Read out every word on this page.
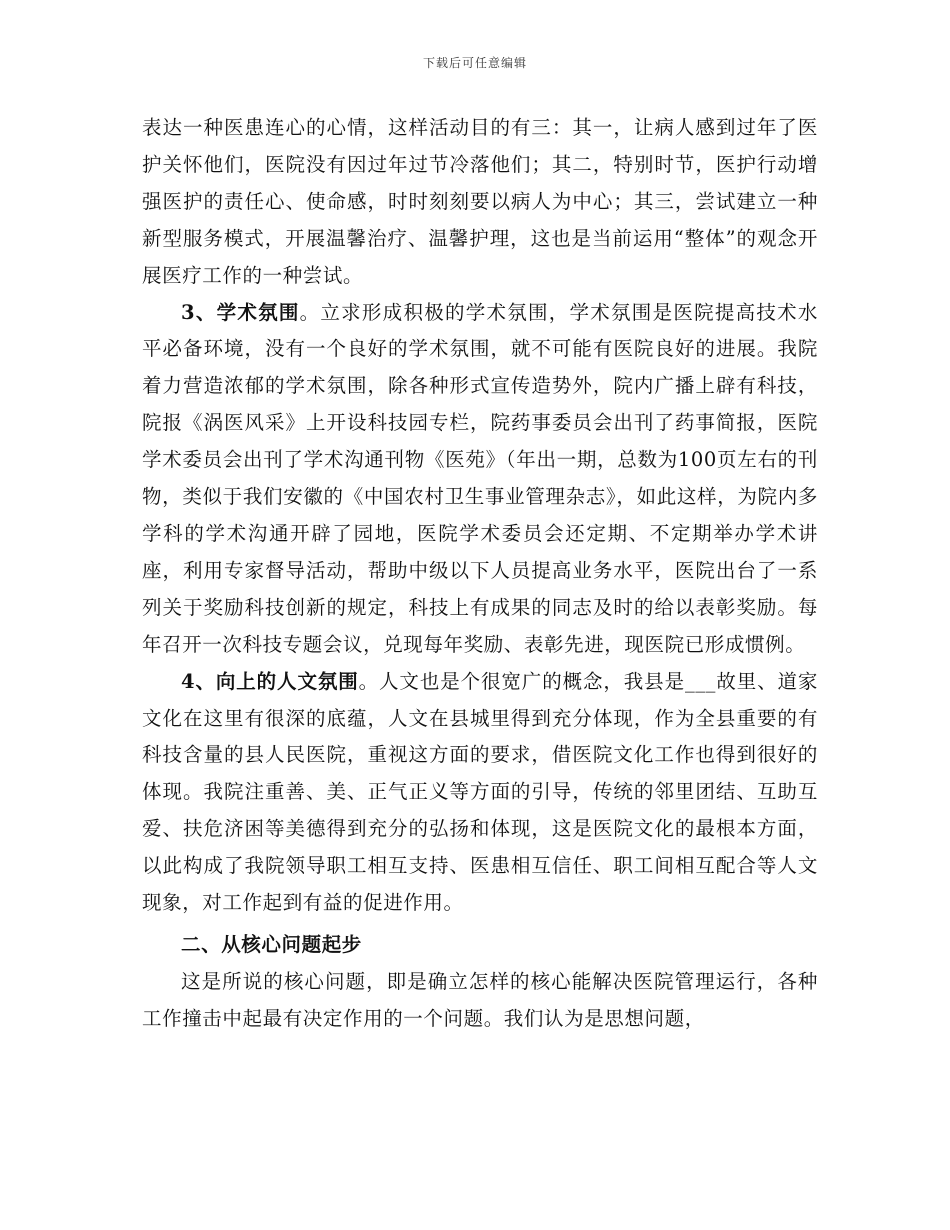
下载后可任意编辑

表达一种医患连心的心情，这样活动目的有三：其一，让病人感到过年了医护关怀他们，医院没有因过年过节冷落他们；其二，特别时节，医护行动增强医护的责任心、使命感，时时刻刻要以病人为中心；其三，尝试建立一种新型服务模式，开展温馨治疗、温馨护理，这也是当前运用“整体”的观念开展医疗工作的一种尝试。

3、学术氛围。立求形成积极的学术氛围，学术氛围是医院提高技术水平必备环境，没有一个良好的学术氛围，就不可能有医院良好的进展。我院着力营造浓郁的学术氛围，除各种形式宣传造势外，院内广播上辟有科技，院报《涡医风采》上开设科技园专栏，院药事委员会出刊了药事简报，医院学术委员会出刊了学术沟通刊物《医苑》（年出一期，总数为100页左右的刊物，类似于我们安徽的《中国农村卫生事业管理杂志》，如此这样，为院内多学科的学术沟通开辟了园地，医院学术委员会还定期、不定期举办学术讲座，利用专家督导活动，帮助中级以下人员提高业务水平，医院出台了一系列关于奖励科技创新的规定，科技上有成果的同志及时的给以表彰奖励。每年召开一次科技专题会议，兑现每年奖励、表彰先进，现医院已形成惯例。

4、向上的人文氛围。人文也是个很宽广的概念，我县是___故里、道家文化在这里有很深的底蕴，人文在县城里得到充分体现，作为全县重要的有科技含量的县人民医院，重视这方面的要求，借医院文化工作也得到很好的体现。我院注重善、美、正气正义等方面的引导，传统的邻里团结、互助互爱、扶危济困等美德得到充分的弘扬和体现，这是医院文化的最根本方面，以此构成了我院领导职工相互支持、医患相互信任、职工间相互配合等人文现象，对工作起到有益的促进作用。

二、从核心问题起步

这是所说的核心问题，即是确立怎样的核心能解决医院管理运行，各种工作撞击中起最有决定作用的一个问题。我们认为是思想问题，
